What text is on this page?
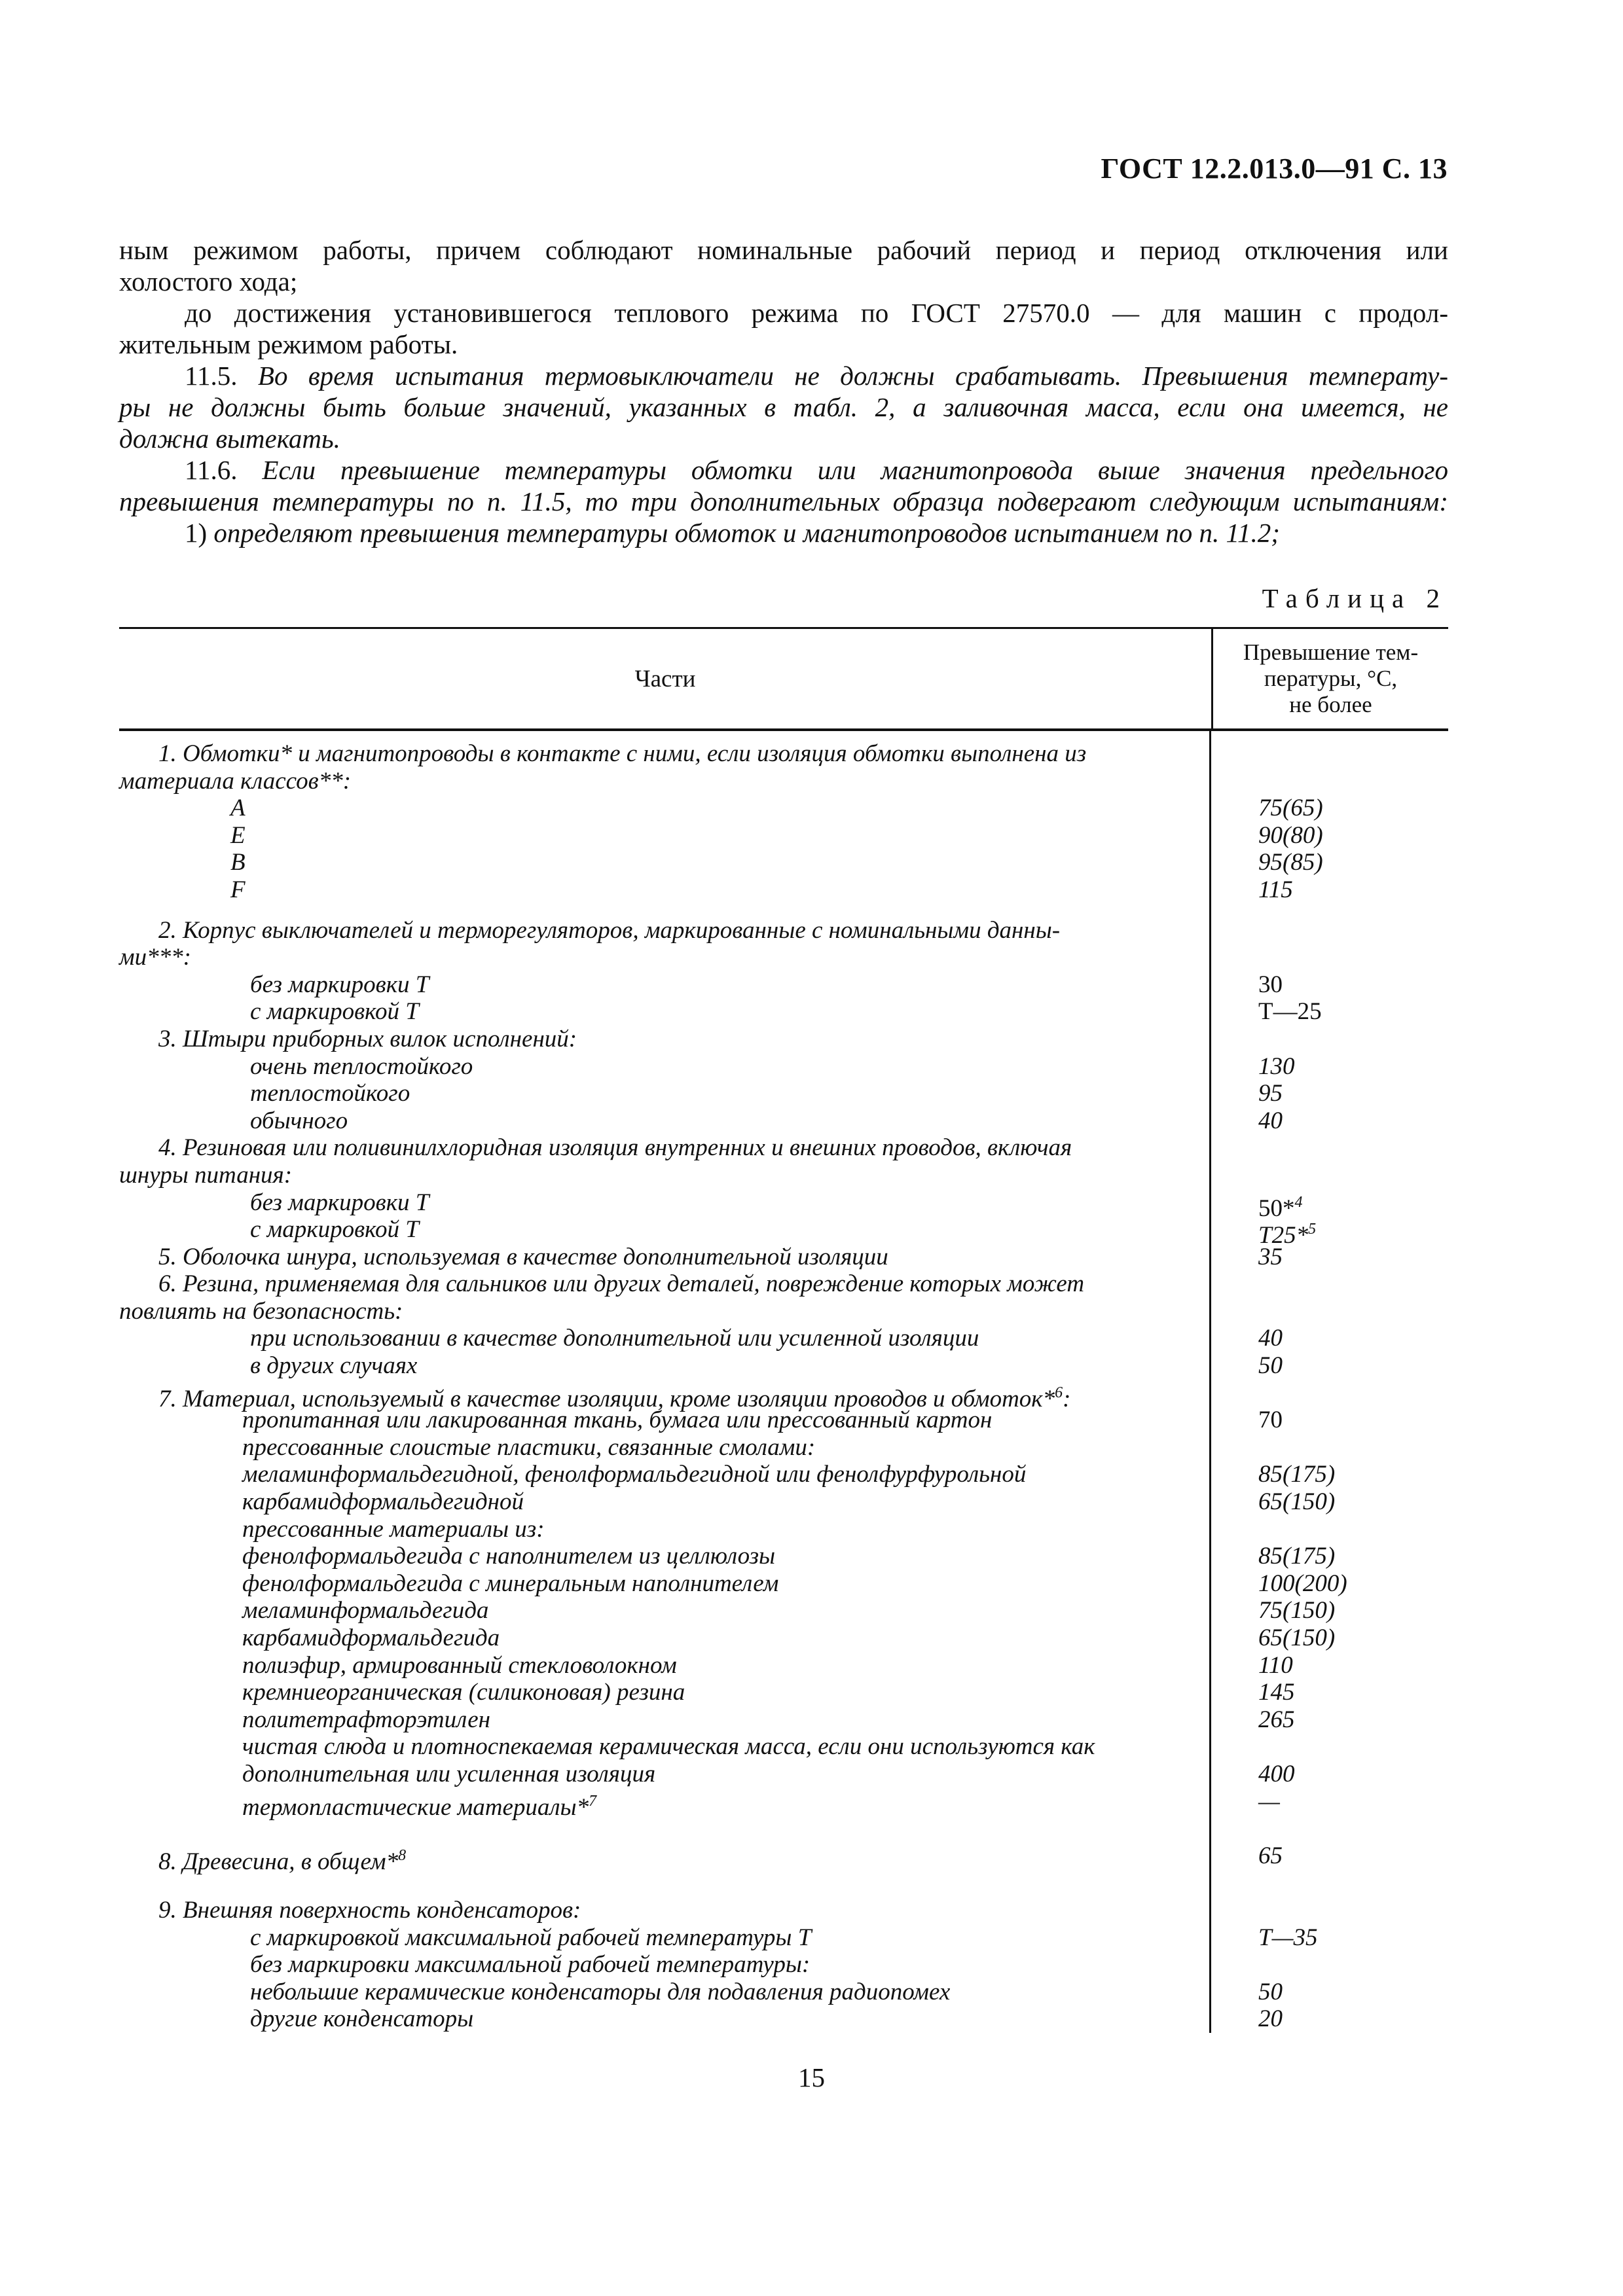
ГОСТ 12.2.013.0—91 С. 13

ным режимом работы, причем соблюдают номинальные рабочий период и период отключения или

холостого хода;

до достижения установившегося теплового режима по ГОСТ 27570.0 — для машин с продол-

жительным режимом работы.

11.5. Во время испытания термовыключатели не должны срабатывать. Превышения температу-

ры не должны быть больше значений, указанных в табл. 2, а заливочная масса, если она имеется, не

должна вытекать.

11.6. Если превышение температуры обмотки или магнитопровода выше значения предельного

превышения температуры по п. 11.5, то три дополнительных образца подвергают следующим испытаниям:

1) определяют превышения температуры обмоток и магнитопроводов испытанием по п. 11.2;

Таблица 2
Части
Превышение тем-
пературы, °С,
не более
1. Обмотки* и магнитопроводы в контакте с ними, если изоляция обмотки выполнена из
материала классов**:
A
E
B
F
2. Корпус выключателей и терморегуляторов, маркированные с номинальными данны-
ми***:
без маркировки T
с маркировкой T
3. Штыри приборных вилок исполнений:
очень теплостойкого
теплостойкого
обычного
4. Резиновая или поливинилхлоридная изоляция внутренних и внешних проводов, включая
шнуры питания:
без маркировки T
с маркировкой T
5. Оболочка шнура, используемая в качестве дополнительной изоляции
6. Резина, применяемая для сальников или других деталей, повреждение которых может
повлиять на безопасность:
при использовании в качестве дополнительной или усиленной изоляции
в других случаях
7. Материал, используемый в качестве изоляции, кроме изоляции проводов и обмоток*$^6$:
пропитанная или лакированная ткань, бумага или прессованный картон
прессованные слоистые пластики, связанные смолами:
меламинформальдегидной, фенолформальдегидной или фенолфурфурольной
карбамидформальдегидной
прессованные материалы из:
фенолформальдегида с наполнителем из целлюлозы
фенолформальдегида с минеральным наполнителем
меламинформальдегида
карбамидформальдегида
полиэфир, армированный стекловолокном
кремниеорганическая (силиконовая) резина
политетрафторэтилен
чистая слюда и плотноспекаемая керамическая масса, если они используются как
дополнительная или усиленная изоляция
термопластические материалы*$^7$
8. Древесина, в общем*$^8$
9. Внешняя поверхность конденсаторов:
с маркировкой максимальной рабочей температуры T
без маркировки максимальной рабочей температуры:
небольшие керамические конденсаторы для подавления радиопомех
другие конденсаторы
75(65)
90(80)
95(85)
115
30
T—25
130
95
40
50*$^4$
T25*$^5$
35
40
50
70
85(175)
65(150)
85(175)
100(200)
75(150)
65(150)
110
145
265
400
—
65
T—35
50
20
15
